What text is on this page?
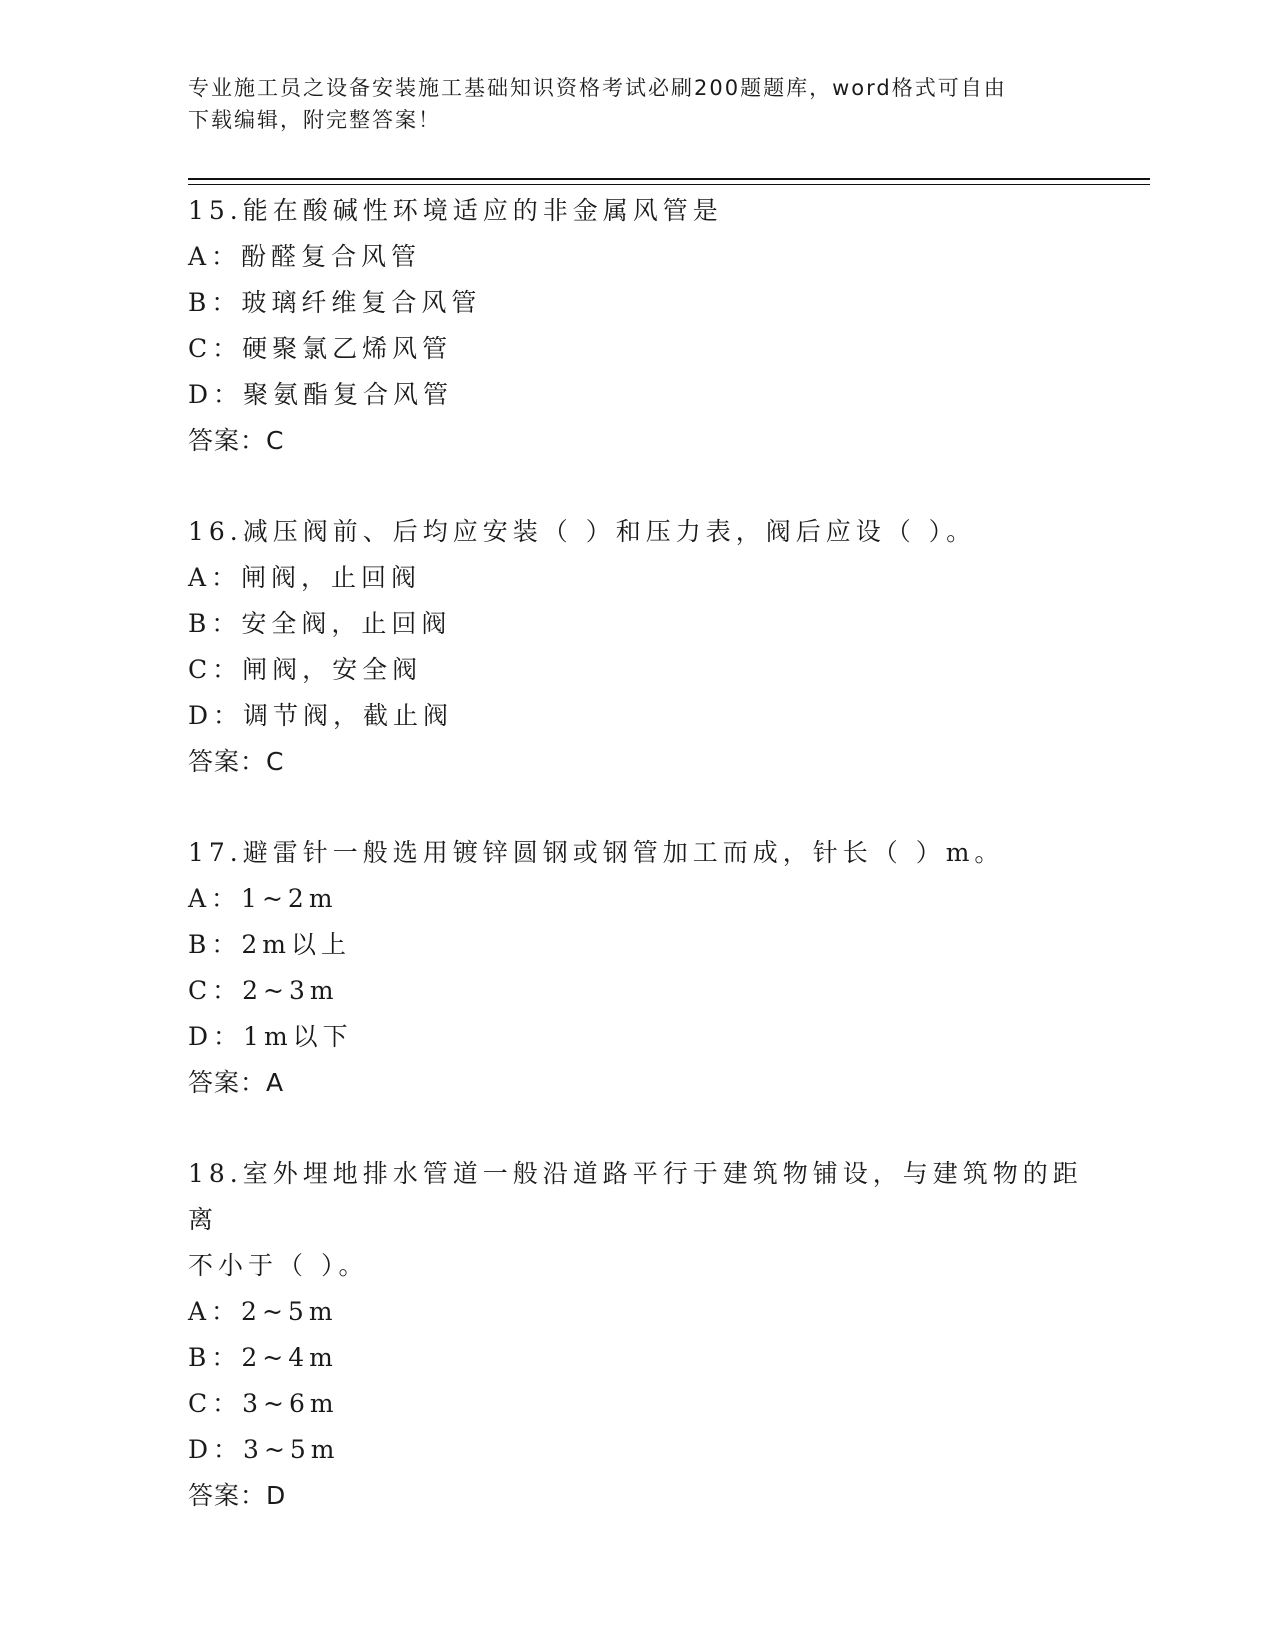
专业施工员之设备安装施工基础知识资格考试必刷200题题库，word格式可自由
下载编辑，附完整答案！

15.能在酸碱性环境适应的非金属风管是

A：酚醛复合风管

B：玻璃纤维复合风管

C：硬聚氯乙烯风管

D：聚氨酯复合风管

答案：C

16.减压阀前、后均应安装（ ）和压力表，阀后应设（ ）。

A：闸阀，止回阀

B：安全阀，止回阀

C：闸阀，安全阀

D：调节阀，截止阀

答案：C

17.避雷针一般选用镀锌圆钢或钢管加工而成，针长（ ）m。

A：1~2m

B：2m以上

C：2~3m

D：1m以下

答案：A

18.室外埋地排水管道一般沿道路平行于建筑物铺设，与建筑物的距离

不小于（ ）。

A：2~5m

B：2~4m

C：3~6m

D：3~5m

答案：D
